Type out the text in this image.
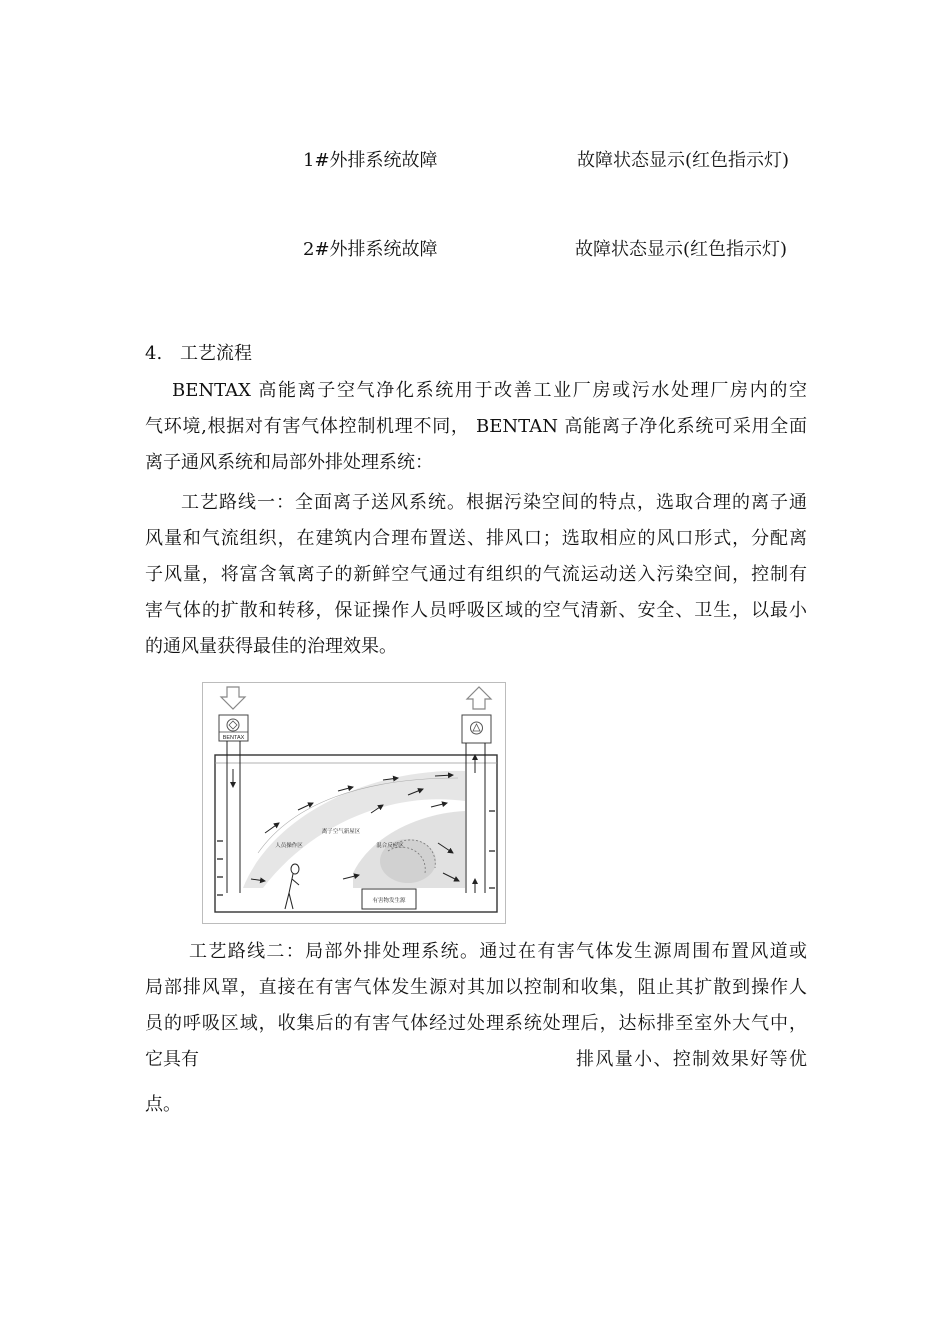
1#外排系统故障	故障状态显示(红色指示灯)
2#外排系统故障	故障状态显示(红色指示灯)
4. 工艺流程
BENTAX 高能离子空气净化系统用于改善工业厂房或污水处理厂房内的空
气环境,根据对有害气体控制机理不同， BENTAN 高能离子净化系统可采用全面
离子通风系统和局部外排处理系统：
工艺路线一：全面离子送风系统。根据污染空间的特点，选取合理的离子通
风量和气流组织，在建筑内合理布置送、排风口；选取相应的风口形式，分配离
子风量，将富含氧离子的新鲜空气通过有组织的气流运动送入污染空间，控制有
害气体的扩散和转移，保证操作人员呼吸区域的空气清新、安全、卫生，以最小
的通风量获得最佳的治理效果。
BENTAX
人员操作区
离子空气新屋区
混合反应区
有害物发生源
工艺路线二：局部外排处理系统。通过在有害气体发生源周围布置风道或
局部排风罩，直接在有害气体发生源对其加以控制和收集，阻止其扩散到操作人
员的呼吸区域，收集后的有害气体经过处理系统处理后，达标排至室外大气中，
它具有	排风量小、控制效果好等优
点。
